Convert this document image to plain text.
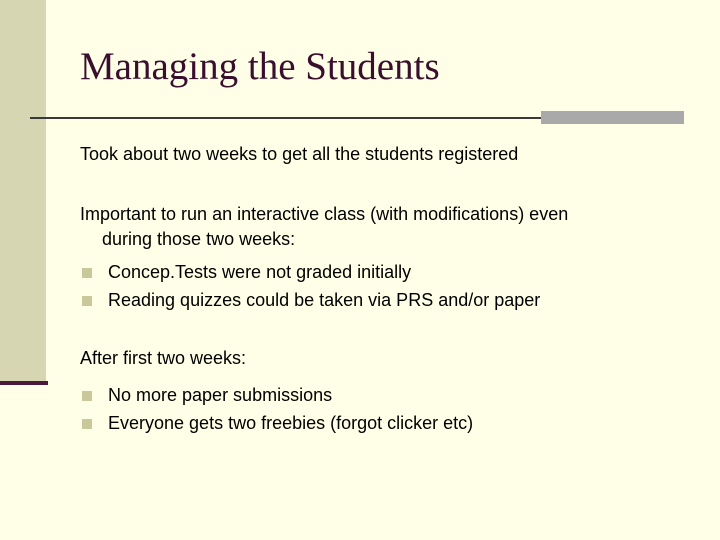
Managing the Students
Took about two weeks to get all the students registered
Important to run an interactive class (with modifications) even
during those two weeks:
Concep.Tests were not graded initially
Reading quizzes could be taken via PRS and/or paper
After first two weeks:
No more paper submissions
Everyone gets two freebies (forgot clicker etc)
